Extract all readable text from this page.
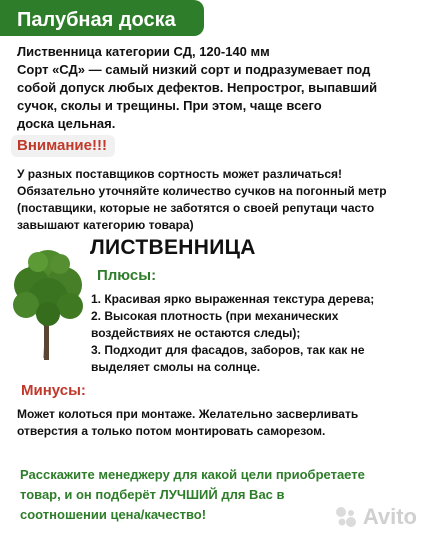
Палубная доска
Лиственница категории СД, 120-140 мм
Сорт «СД» — самый низкий сорт и подразумевает под
собой допуск любых дефектов. Непрострог, выпавший
сучок, сколы и трещины. При этом, чаще всего
доска цельная.
Внимание!!!
У разных поставщиков сортность может различаться!
Обязательно уточняйте количество сучков на погонный метр
(поставщики, которые не заботятся о своей репутаци часто
завышают категорию товара)
ЛИСТВЕННИЦА
Плюсы:
1. Красивая ярко выраженная текстура дерева;
2. Высокая плотность (при механических
воздействиях не остаются следы);
3. Подходит для фасадов, заборов, так как не
выделяет смолы на солнце.
Минусы:
Может колоться при монтаже. Желательно засверливать
отверстия а только потом монтировать саморезом.
Расскажите менеджеру для какой цели приобретаете
товар, и он подберёт ЛУЧШИЙ для Вас в
соотношении цена/качество!	Avito
